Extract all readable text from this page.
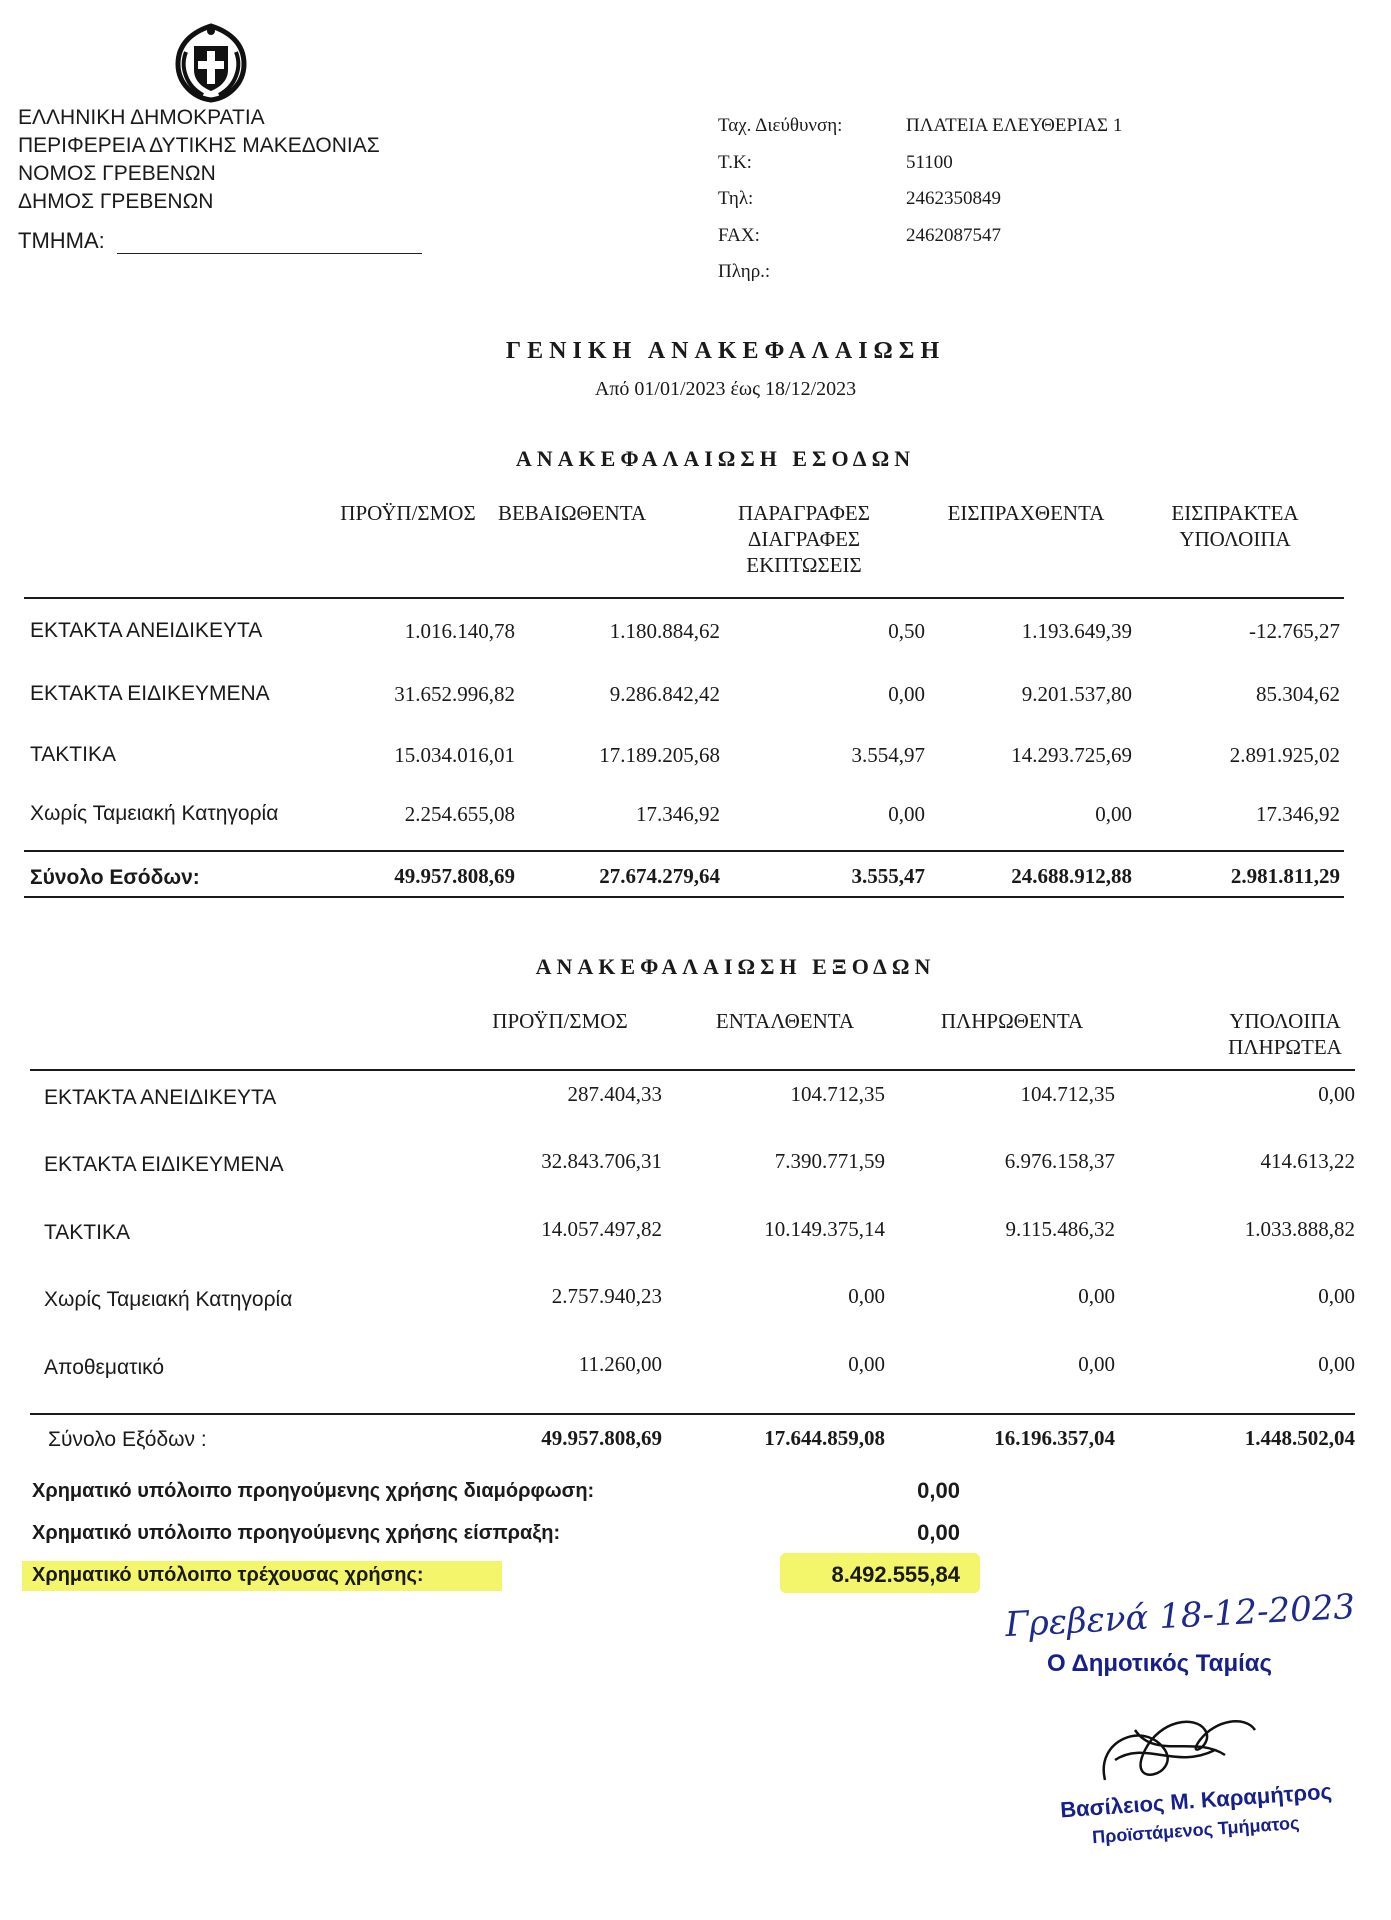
ΕΛΛΗΝΙΚΗ ΔΗΜΟΚΡΑΤΙΑ
ΠΕΡΙΦΕΡΕΙΑ ΔΥΤΙΚΗΣ ΜΑΚΕΔΟΝΙΑΣ
ΝΟΜΟΣ ΓΡΕΒΕΝΩΝ
ΔΗΜΟΣ ΓΡΕΒΕΝΩΝ
ΤΜΗΜΑ:
Ταχ. Διεύθυνση:	ΠΛΑΤΕΙΑ ΕΛΕΥΘΕΡΙΑΣ 1
Τ.Κ:	51100
Τηλ:	2462350849
FAX:	2462087547
Πληρ.:
ΓΕΝΙΚΗ ΑΝΑΚΕΦΑΛΑΙΩΣΗ
Από 01/01/2023 έως 18/12/2023
ΑΝΑΚΕΦΑΛΑΙΩΣΗ ΕΣΟΔΩΝ
ΠΡΟΫΠ/ΣΜΟΣ	ΒΕΒΑΙΩΘΕΝΤΑ	ΠΑΡΑΓΡΑΦΕΣ
ΔΙΑΓΡΑΦΕΣ
ΕΚΠΤΩΣΕΙΣ
ΕΙΣΠΡΑΧΘΕΝΤΑ	ΕΙΣΠΡΑΚΤΕΑ
ΥΠΟΛΟΙΠΑ
ΕΚΤΑΚΤΑ ΑΝΕΙΔΙΚΕΥΤΑ	1.016.140,78	1.180.884,62	0,50	1.193.649,39	-12.765,27
ΕΚΤΑΚΤΑ ΕΙΔΙΚΕΥΜΕΝΑ	31.652.996,82	9.286.842,42	0,00	9.201.537,80	85.304,62
ΤΑΚΤΙΚΑ	15.034.016,01	17.189.205,68	3.554,97	14.293.725,69	2.891.925,02
Χωρίς Ταμειακή Κατηγορία	2.254.655,08	17.346,92	0,00	0,00	17.346,92
Σύνολο Εσόδων:	49.957.808,69	27.674.279,64	3.555,47	24.688.912,88	2.981.811,29
ΑΝΑΚΕΦΑΛΑΙΩΣΗ ΕΞΟΔΩΝ
ΠΡΟΫΠ/ΣΜΟΣ	ΕΝΤΑΛΘΕΝΤΑ	ΠΛΗΡΩΘΕΝΤΑ	ΥΠΟΛΟΙΠΑ
ΠΛΗΡΩΤΕΑ
ΕΚΤΑΚΤΑ ΑΝΕΙΔΙΚΕΥΤΑ	287.404,33	104.712,35	104.712,35	0,00
ΕΚΤΑΚΤΑ ΕΙΔΙΚΕΥΜΕΝΑ	32.843.706,31	7.390.771,59	6.976.158,37	414.613,22
ΤΑΚΤΙΚΑ	14.057.497,82	10.149.375,14	9.115.486,32	1.033.888,82
Χωρίς Ταμειακή Κατηγορία	2.757.940,23	0,00	0,00	0,00
Αποθεματικό	11.260,00	0,00	0,00	0,00
Σύνολο Εξόδων :	49.957.808,69	17.644.859,08	16.196.357,04	1.448.502,04
Χρηματικό υπόλοιπο προηγούμενης χρήσης διαμόρφωση:	0,00
Χρηματικό υπόλοιπο προηγούμενης χρήσης είσπραξη:	0,00
Χρηματικό υπόλοιπο τρέχουσας χρήσης:	8.492.555,84
Γρεβενά 18-12-2023
Ο Δημοτικός Ταμίας
Βασίλειος Μ. Καραμήτρος
Προϊστάμενος Τμήματος
